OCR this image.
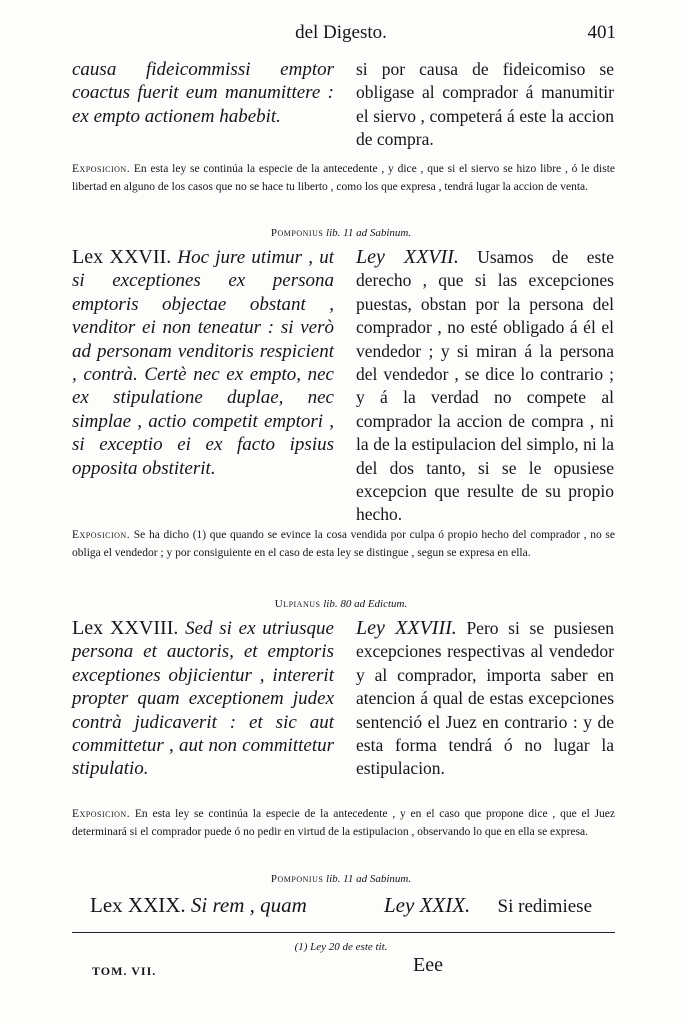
del Digesto.	401
causa fideicommissi emptor coactus fuerit eum manumittere : ex empto actionem habebit.
si por causa de fideicomiso se obligase al comprador á manumitir el siervo , competerá á este la accion de compra.
Exposicion. En esta ley se continúa la especie de la antecedente , y dice , que si el siervo se hizo libre , ó le diste libertad en alguno de los casos que no se hace tu liberto , como los que expresa , tendrá lugar la accion de venta.
Pomponius lib. 11 ad Sabinum.
Lex XXVII. Hoc jure utimur , ut si exceptiones ex persona emptoris objectae obstant , venditor ei non teneatur : si verò ad personam venditoris respicient , contrà. Certè nec ex empto, nec ex stipulatione duplae, nec simplae , actio competit emptori , si exceptio ei ex facto ipsius opposita obstiterit.
Ley XXVII. Usamos de este derecho , que si las excepciones puestas, obstan por la persona del comprador , no esté obligado á él el vendedor ; y si miran á la persona del vendedor , se dice lo contrario ; y á la verdad no compete al comprador la accion de compra , ni la de la estipulacion del simplo, ni la del dos tanto, si se le opusiese excepcion que resulte de su propio hecho.
Exposicion. Se ha dicho (1) que quando se evince la cosa vendida por culpa ó propio hecho del comprador , no se obliga el vendedor ; y por consiguiente en el caso de esta ley se distingue , segun se expresa en ella.
Ulpianus lib. 80 ad Edictum.
Lex XXVIII. Sed si ex utriusque persona et auctoris, et emptoris exceptiones objicientur , intererit propter quam exceptionem judex contrà judicaverit : et sic aut committetur , aut non committetur stipulatio.
Ley XXVIII. Pero si se pusiesen excepciones respectivas al vendedor y al comprador, importa saber en atencion á qual de estas excepciones sentenció el Juez en contrario : y de esta forma tendrá ó no lugar la estipulacion.
Exposicion. En esta ley se continúa la especie de la antecedente , y en el caso que propone dice , que el Juez determinará si el comprador puede ó no pedir en virtud de la estipulacion , observando lo que en ella se expresa.
Pomponius lib. 11 ad Sabinum.
Lex XXIX. Si rem , quam	Ley XXIX. Si redimiese
(1) Ley 20 de este tit.
TOM. VII.	Eee
